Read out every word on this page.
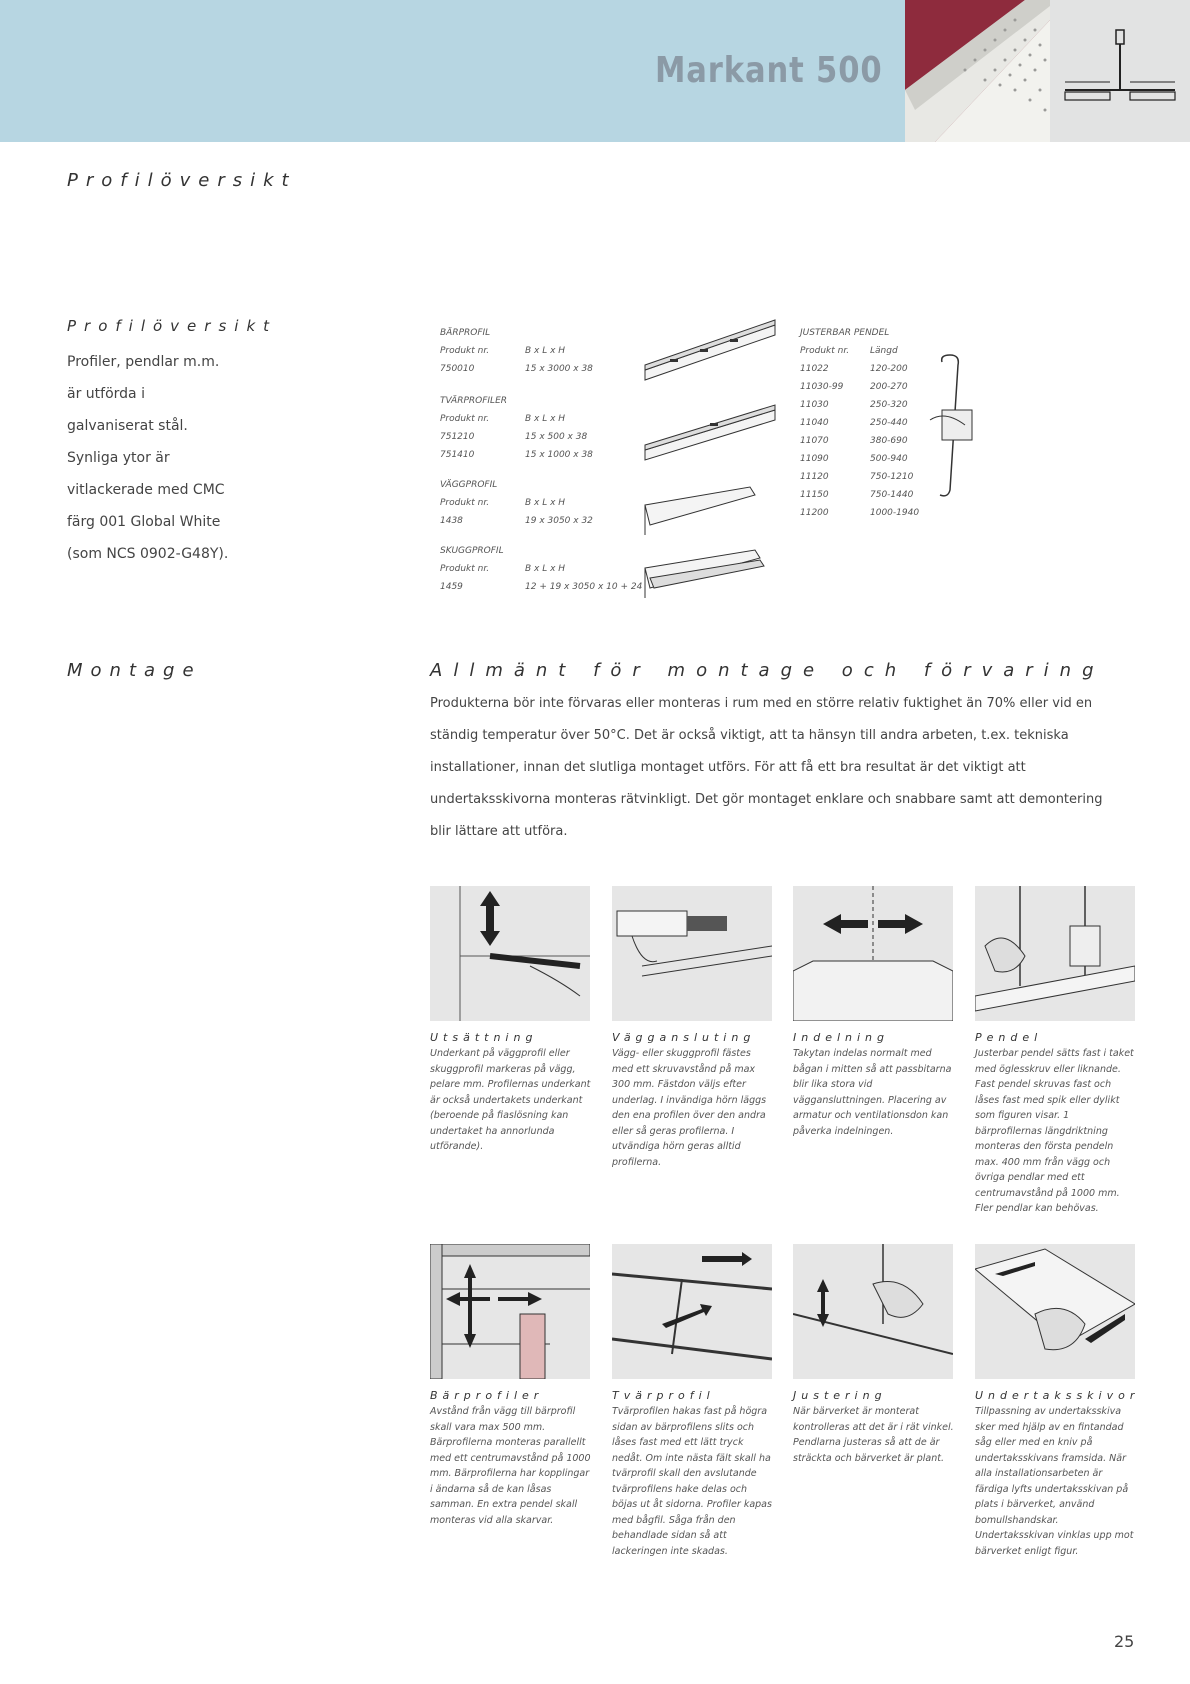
Markant 500
Profilöversikt
Profilöversikt
Profiler, pendlar m.m. är utförda i galvaniserat stål. Synliga ytor är vitlackerade med CMC färg 001 Global White (som NCS 0902-G48Y).
BÄRPROFIL
Produkt nr.	B x L x H
750010	15 x 3000 x 38
TVÄRPROFILER
Produkt nr.	B x L x H
751210	15 x 500 x 38
751410	15 x 1000 x 38
VÄGGPROFIL
Produkt nr.	B x L x H
1438	19 x 3050 x 32
SKUGGPROFIL
Produkt nr.	B x L x H
1459	12 + 19 x 3050 x 10 + 24
JUSTERBAR PENDEL
Produkt nr.	Längd
11022	120-200
11030-99	200-270
11030	250-320
11040	250-440
11070	380-690
11090	500-940
11120	750-1210
11150	750-1440
11200	1000-1940
Montage	Allmänt för montage och förvaring
Produkterna bör inte förvaras eller monteras i rum med en större relativ fuktighet än 70% eller vid en ständig temperatur över 50°C. Det är också viktigt, att ta hänsyn till andra arbeten, t.ex. tekniska installationer, innan det slutliga montaget utförs. För att få ett bra resultat är det viktigt att undertaksskivorna monteras rätvinkligt. Det gör montaget enklare och snabbare samt att demontering blir lättare att utföra.
Utsättning
Underkant på väggprofil eller skuggprofil markeras på vägg, pelare mm. Profilernas underkant är också undertakets underkant (beroende på fiaslösning kan undertaket ha annorlunda utförande).
Väggansluting
Vägg- eller skuggprofil fästes med ett skruvavstånd på max 300 mm. Fästdon väljs efter underlag. I invändiga hörn läggs den ena profilen över den andra eller så geras profilerna. I utvändiga hörn geras alltid profilerna.
Indelning
Takytan indelas normalt med bågan i mitten så att passbitarna blir lika stora vid väggansluttningen. Placering av armatur och ventilationsdon kan påverka indelningen.
Pendel
Justerbar pendel sätts fast i taket med öglesskruv eller liknande. Fast pendel skruvas fast och låses fast med spik eller dylikt som figuren visar. 1 bärprofilernas längdriktning monteras den första pendeln max. 400 mm från vägg och övriga pendlar med ett centrumavstånd på 1000 mm. Fler pendlar kan behövas.
Bärprofiler
Avstånd från vägg till bärprofil skall vara max 500 mm. Bärprofilerna monteras parallellt med ett centrumavstånd på 1000 mm. Bärprofilerna har kopplingar i ändarna så de kan låsas samman. En extra pendel skall monteras vid alla skarvar.
Tvärprofil
Tvärprofilen hakas fast på högra sidan av bärprofilens slits och låses fast med ett lätt tryck nedåt. Om inte nästa fält skall ha tvärprofil skall den avslutande tvärprofilens hake delas och böjas ut åt sidorna. Profiler kapas med bågfil. Såga från den behandlade sidan så att lackeringen inte skadas.
Justering
När bärverket är monterat kontrolleras att det är i rät vinkel. Pendlarna justeras så att de är sträckta och bärverket är plant.
Undertaksskivor
Tillpassning av undertaksskiva sker med hjälp av en fintandad såg eller med en kniv på undertaksskivans framsida. När alla installationsarbeten är färdiga lyfts undertaksskivan på plats i bärverket, använd bomullshandskar. Undertaksskivan vinklas upp mot bärverket enligt figur.
25
